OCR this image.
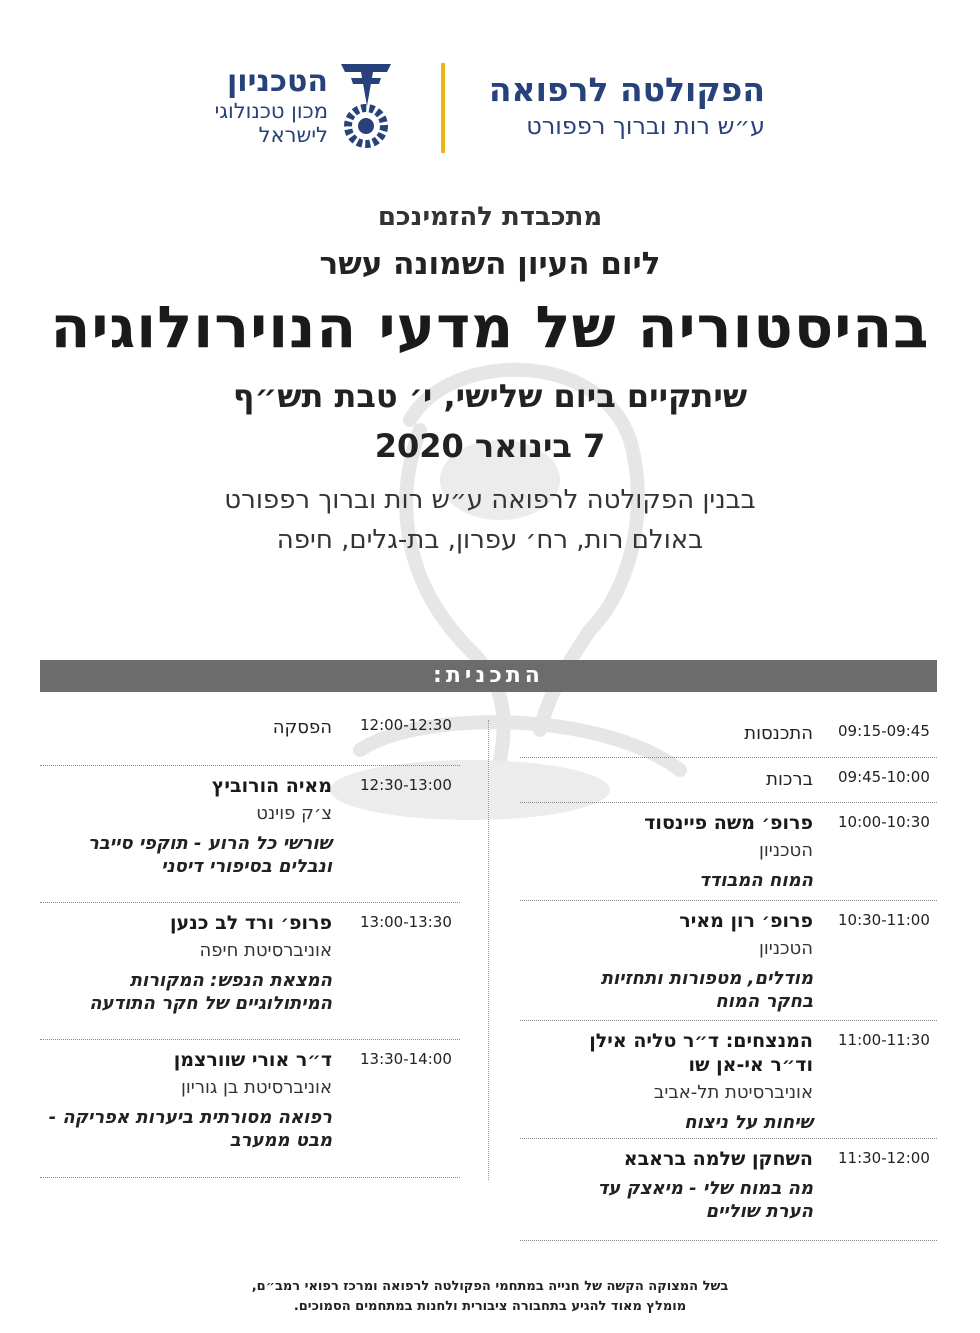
הפקולטה לרפואה
ע״ש רות וברוך רפפורט
הטכניון
מכון טכנולוגי
לישראל
מתכבדת להזמינכם
ליום העיון השמונה עשר
בהיסטוריה של מדעי הנוירולוגיה
שיתקיים ביום שלישי, י׳ טבת תש״ף
7 בינואר 2020
בבנין הפקולטה לרפואה ע״ש רות וברוך רפפורט
באולם רות, רח׳ עפרון, בת-גלים, חיפה
התכנית:
09:15-09:45
התכנסות
09:45-10:00
ברכות
10:00-10:30
פרופ׳ משה פיינסוד
הטכניון
המוח המבודד
10:30-11:00
פרופ׳ רון מאיר
הטכניון
מודלים, מטפורות ותחזיות
בחקר המוח
11:00-11:30
המנצחים: ד״ר טליה אילן
וד״ר אי-אן שו
אוניברסיטת תל-אביב
שיחות על ניצוח
11:30-12:00
השחקן שלמה בראבא
מה במוח שלי - מיאצק עד
הערת שוליים
12:00-12:30
הפסקה
12:30-13:00
מאיה הורוביץ
צ׳ק פוינט
שורשי כל הרוע - תוקפי סייבר
ונבלים בסיפורי דיסני
13:00-13:30
פרופ׳ ורד לב כנען
אוניברסיטת חיפה
המצאת הנפש: המקורות
המיתולוגיים של חקר התודעה
13:30-14:00
ד״ר אורי שוורצמן
אוניברסיטת בן גוריון
רפואה מסורתית ביערות אפריקה -
מבט ממערב
בשל המצוקה הקשה של חנייה במתחמי הפקולטה לרפואה ומרכז רפואי רמב״ם,
מומלץ מאוד להגיע בתחבורה ציבורית ולחנות במתחמים הסמוכים.
